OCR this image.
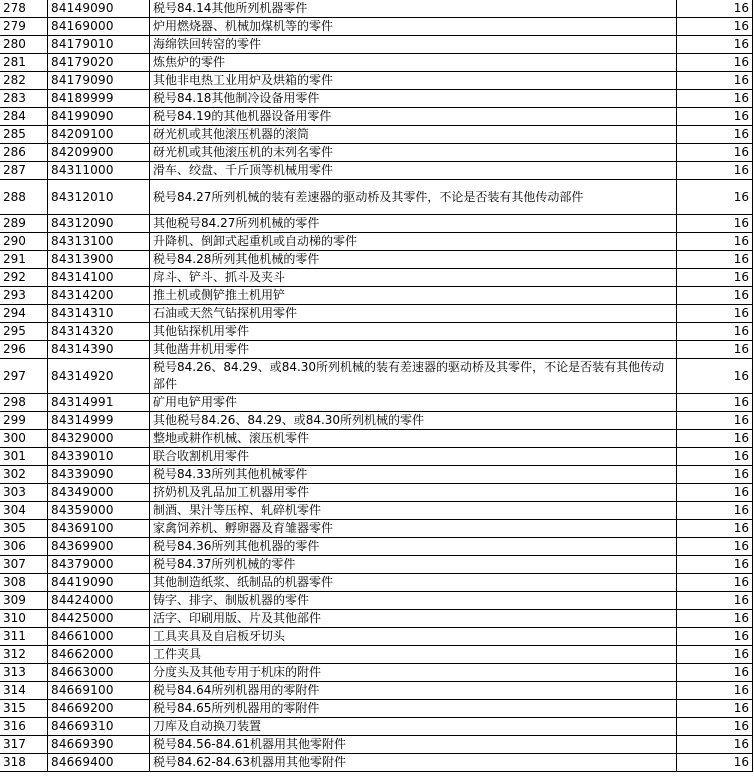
278	84149090	税号84.14其他所列机器零件	16
279	84169000	炉用燃烧器、机械加煤机等的零件	16
280	84179010	海绵铁回转窑的零件	16
281	84179020	炼焦炉的零件	16
282	84179090	其他非电热工业用炉及烘箱的零件	16
283	84189999	税号84.18其他制冷设备用零件	16
284	84199090	税号84.19的其他机器设备用零件	16
285	84209100	砑光机或其他滚压机器的滚筒	16
286	84209900	砑光机或其他滚压机的未列名零件	16
287	84311000	滑车、绞盘、千斤顶等机械用零件	16
288	84312010	税号84.27所列机械的装有差速器的驱动桥及其零件，不论是否装有其他传动部件	16
289	84312090	其他税号84.27所列机械的零件	16
290	84313100	升降机、倒卸式起重机或自动梯的零件	16
291	84313900	税号84.28所列其他机械的零件	16
292	84314100	戽斗、铲斗、抓斗及夹斗	16
293	84314200	推土机或侧铲推土机用铲	16
294	84314310	石油或天然气钻探机用零件	16
295	84314320	其他钻探机用零件	16
296	84314390	其他凿井机用零件	16
297	84314920	税号84.26、84.29、或84.30所列机械的装有差速器的驱动桥及其零件，不论是否装有其他传动部件	16
298	84314991	矿用电铲用零件	16
299	84314999	其他税号84.26、84.29、或84.30所列机械的零件	16
300	84329000	整地或耕作机械、滚压机零件	16
301	84339010	联合收割机用零件	16
302	84339090	税号84.33所列其他机械零件	16
303	84349000	挤奶机及乳品加工机器用零件	16
304	84359000	制酒、果汁等压榨、轧碎机零件	16
305	84369100	家禽饲养机、孵卵器及育雏器零件	16
306	84369900	税号84.36所列其他机器的零件	16
307	84379000	税号84.37所列机械的零件	16
308	84419090	其他制造纸浆、纸制品的机器零件	16
309	84424000	铸字、排字、制版机器的零件	16
310	84425000	活字、印刷用版、片及其他部件	16
311	84661000	工具夹具及自启板牙切头	16
312	84662000	工件夹具	16
313	84663000	分度头及其他专用于机床的附件	16
314	84669100	税号84.64所列机器用的零附件	16
315	84669200	税号84.65所列机器用的零附件	16
316	84669310	刀库及自动换刀装置	16
317	84669390	税号84.56-84.61机器用其他零附件	16
318	84669400	税号84.62-84.63机器用其他零附件	16
